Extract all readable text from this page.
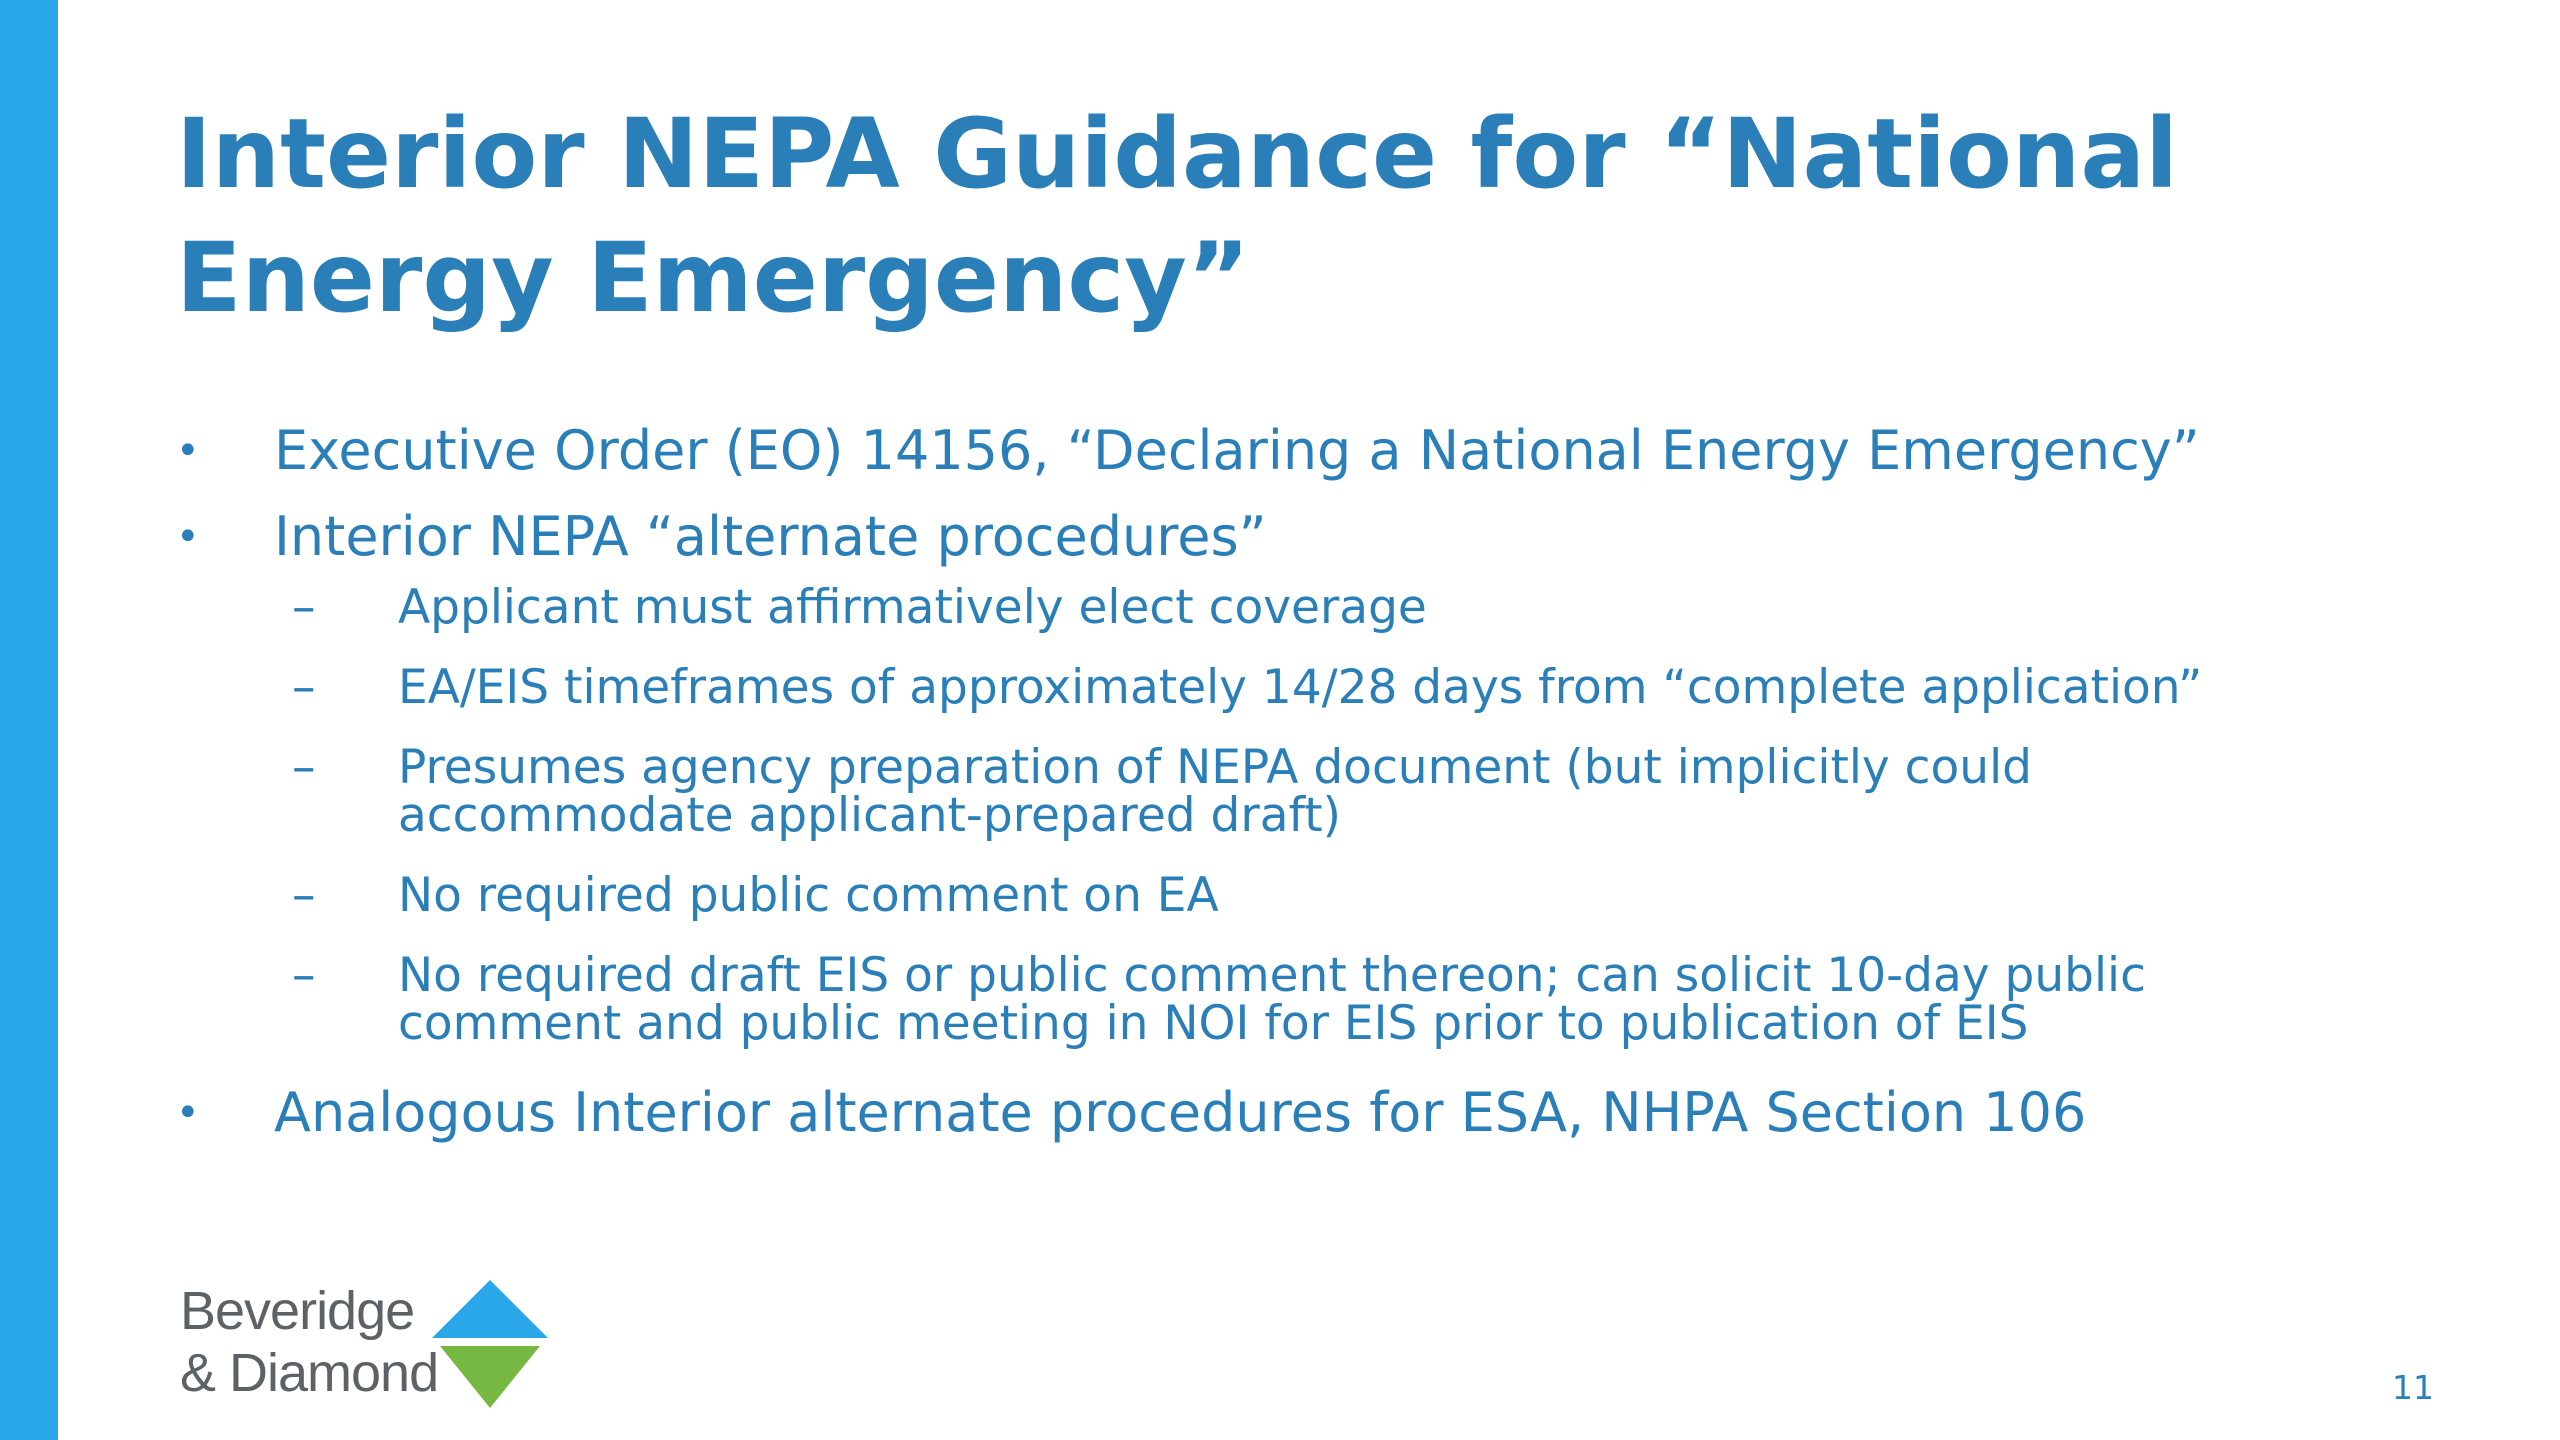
Interior NEPA Guidance for “National
Energy Emergency”
• Executive Order (EO) 14156, “Declaring a National Energy Emergency”
• Interior NEPA “alternate procedures”
– Applicant must affirmatively elect coverage
– EA/EIS timeframes of approximately 14/28 days from “complete application”
– Presumes agency preparation of NEPA document (but implicitly could
accommodate applicant-prepared draft)
– No required public comment on EA
– No required draft EIS or public comment thereon; can solicit 10-day public
comment and public meeting in NOI for EIS prior to publication of EIS
• Analogous Interior alternate procedures for ESA, NHPA Section 106
Beveridge
& Diamond	11
